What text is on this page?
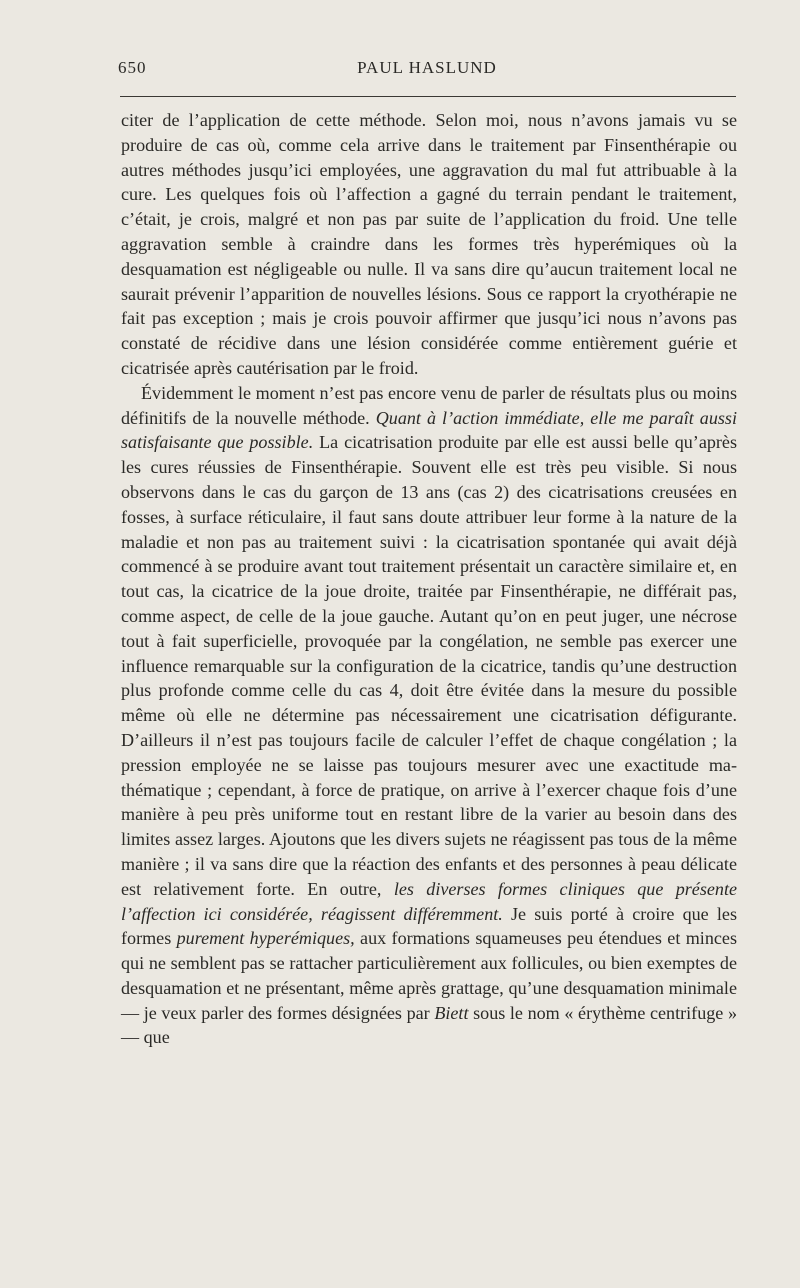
650	PAUL HASLUND

citer de l’application de cette méthode. Selon moi, nous n’avons jamais vu se produire de cas où, comme cela arrive dans le traitement par Finsenthérapie ou autres méthodes jusqu’ici employées, une aggravation du mal fut attribuable à la cure. Les quelques fois où l’affection a gagné du terrain pendant le traitement, c’était, je crois, malgré et non pas par suite de l’application du froid. Une telle aggravation semble à craindre dans les formes très hyperémiques où la desquamation est négligeable ou nulle. Il va sans dire qu’aucun traitement local ne saurait prévenir l’apparition de nouvelles lésions. Sous ce rapport la cryothérapie ne fait pas exception ; mais je crois pouvoir affirmer que jusqu’ici nous n’avons pas constaté de récidive dans une lésion considérée comme entièrement guérie et cicatrisée après cautérisation par le froid.

Évidemment le moment n’est pas encore venu de parler de résultats plus ou moins définitifs de la nouvelle méthode. Quant à l’action immédiate, elle me paraît aussi satisfaisante que possible. La cicatrisation produite par elle est aussi belle qu’après les cures réussies de Finsenthérapie. Souvent elle est très peu visible. Si nous observons dans le cas du garçon de 13 ans (cas 2) des cicatrisations creusées en fosses, à surface réticulaire, il faut sans doute attribuer leur forme à la nature de la maladie et non pas au traitement suivi : la cicatrisation spontanée qui avait déjà commencé à se produire avant tout traitement présentait un caractère similaire et, en tout cas, la cicatrice de la joue droite, traitée par Finsenthérapie, ne différait pas, comme aspect, de celle de la joue gauche. Autant qu’on en peut juger, une nécrose tout à fait superficielle, provoquée par la congélation, ne semble pas exercer une influence remarquable sur la configuration de la cicatrice, tandis qu’une destruction plus profonde comme celle du cas 4, doit être évitée dans la mesure du possible même où elle ne détermine pas nécessairement une cicatrisation défigurante. D’ailleurs il n’est pas toujours facile de calculer l’effet de chaque congélation ; la pression employée ne se laisse pas toujours mesurer avec une exactitude mathématique ; cependant, à force de pratique, on arrive à l’exercer chaque fois d’une manière à peu près uniforme tout en restant libre de la varier au besoin dans des limites assez larges. Ajoutons que les divers sujets ne réagissent pas tous de la même manière ; il va sans dire que la réaction des enfants et des personnes à peau délicate est relativement forte. En outre, les diverses formes cliniques que présente l’affection ici considérée, réagissent différemment. Je suis porté à croire que les formes purement hyperémiques, aux formations squameuses peu étendues et minces qui ne semblent pas se rattacher particulièrement aux follicules, ou bien exemptes de desquamation et ne présentant, même après grattage, qu’une desquamation minimale — je veux parler des formes désignées par Biett sous le nom « érythème centrifuge » — que
